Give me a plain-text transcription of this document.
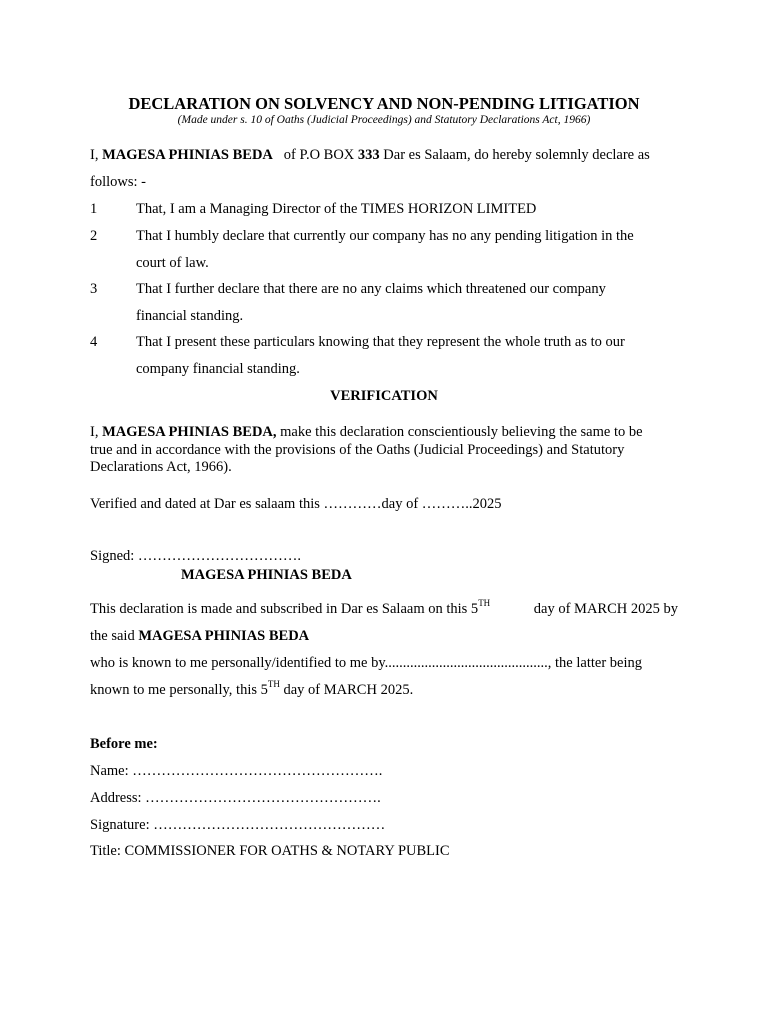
DECLARATION ON SOLVENCY AND NON-PENDING LITIGATION
(Made under s. 10 of Oaths (Judicial Proceedings) and Statutory Declarations Act, 1966)
I, MAGESA PHINIAS BEDA of P.O BOX 333 Dar es Salaam, do hereby solemnly declare as
follows: -
1	That, I am a Managing Director of the TIMES HORIZON LIMITED
2	That I humbly declare that currently our company has no any pending litigation in the
court of law.
3	That I further declare that there are no any claims which threatened our company
financial standing.
4	That I present these particulars knowing that they represent the whole truth as to our
company financial standing.
VERIFICATION
I, MAGESA PHINIAS BEDA, make this declaration conscientiously believing the same to be
true and in accordance with the provisions of the Oaths (Judicial Proceedings) and Statutory
Declarations Act, 1966).
Verified and dated at Dar es salaam this …………day of ………..2025
Signed: …………………………….
MAGESA PHINIAS BEDA
This declaration is made and subscribed in Dar es Salaam on this 5TH	day of MARCH 2025 by
the said MAGESA PHINIAS BEDA
who is known to me personally/identified to me by............................................., the latter being
known to me personally, this 5TH day of MARCH 2025.
Before me:
Name: …………………………………………….
Address: ………………………………………….
Signature: …………………………………………
Title: COMMISSIONER FOR OATHS & NOTARY PUBLIC
